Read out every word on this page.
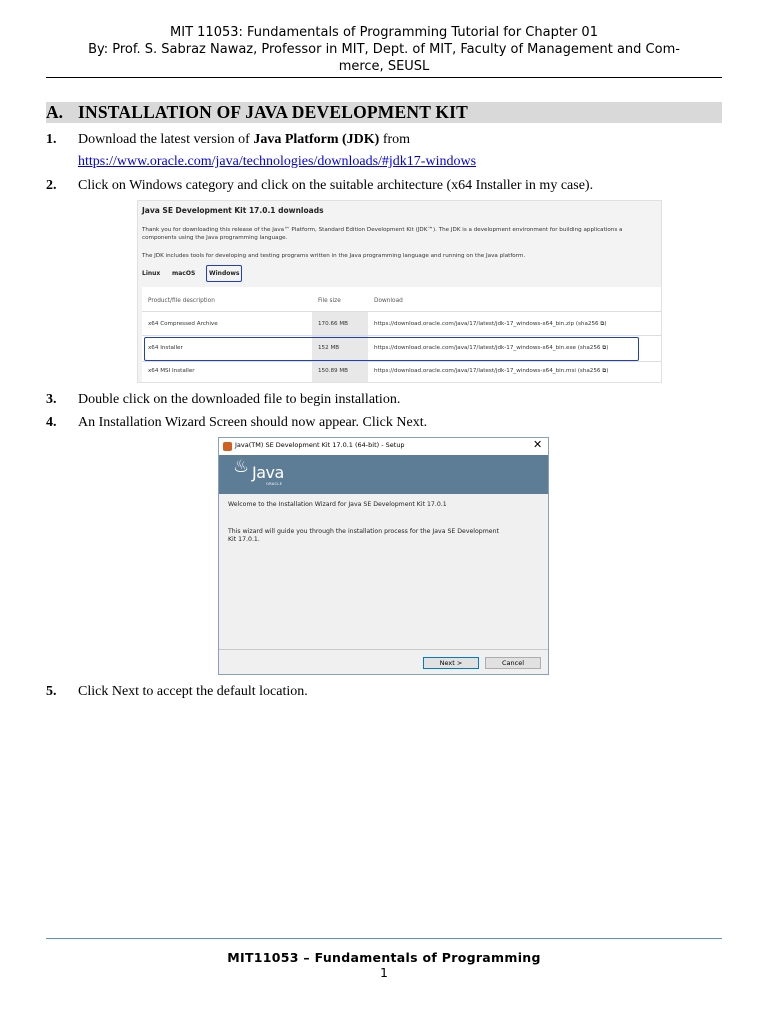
MIT 11053: Fundamentals of Programming Tutorial for Chapter 01
By: Prof. S. Sabraz Nawaz, Professor in MIT, Dept. of MIT, Faculty of Management and Com-
merce, SEUSL
A. INSTALLATION OF JAVA DEVELOPMENT KIT
1. Download the latest version of Java Platform (JDK) from
https://www.oracle.com/java/technologies/downloads/#jdk17-windows
2. Click on Windows category and click on the suitable architecture (x64 Installer in my case).
Java SE Development Kit 17.0.1 downloads
Thank you for downloading this release of the Java™ Platform, Standard Edition Development Kit (JDK™). The JDK is a development environment for building applications a
components using the Java programming language.
The JDK includes tools for developing and testing programs written in the Java programming language and running on the Java platform.
Linux macOS Windows
Product/file description	File size	Download
x64 Compressed Archive	170.66 MB	https://download.oracle.com/java/17/latest/jdk-17_windows-x64_bin.zip (sha256 ⧉)
x64 Installer	152 MB	https://download.oracle.com/java/17/latest/jdk-17_windows-x64_bin.exe (sha256 ⧉)
x64 MSI Installer	150.89 MB	https://download.oracle.com/java/17/latest/jdk-17_windows-x64_bin.msi (sha256 ⧉)
3. Double click on the downloaded file to begin installation.
4. An Installation Wizard Screen should now appear. Click Next.
Java(TM) SE Development Kit 17.0.1 (64-bit) - Setup	✕
♨ Java
ORACLE
Welcome to the Installation Wizard for Java SE Development Kit 17.0.1
This wizard will guide you through the installation process for the Java SE Development
Kit 17.0.1.
Next >	Cancel
5. Click Next to accept the default location.
MIT11053 – Fundamentals of Programming
1
